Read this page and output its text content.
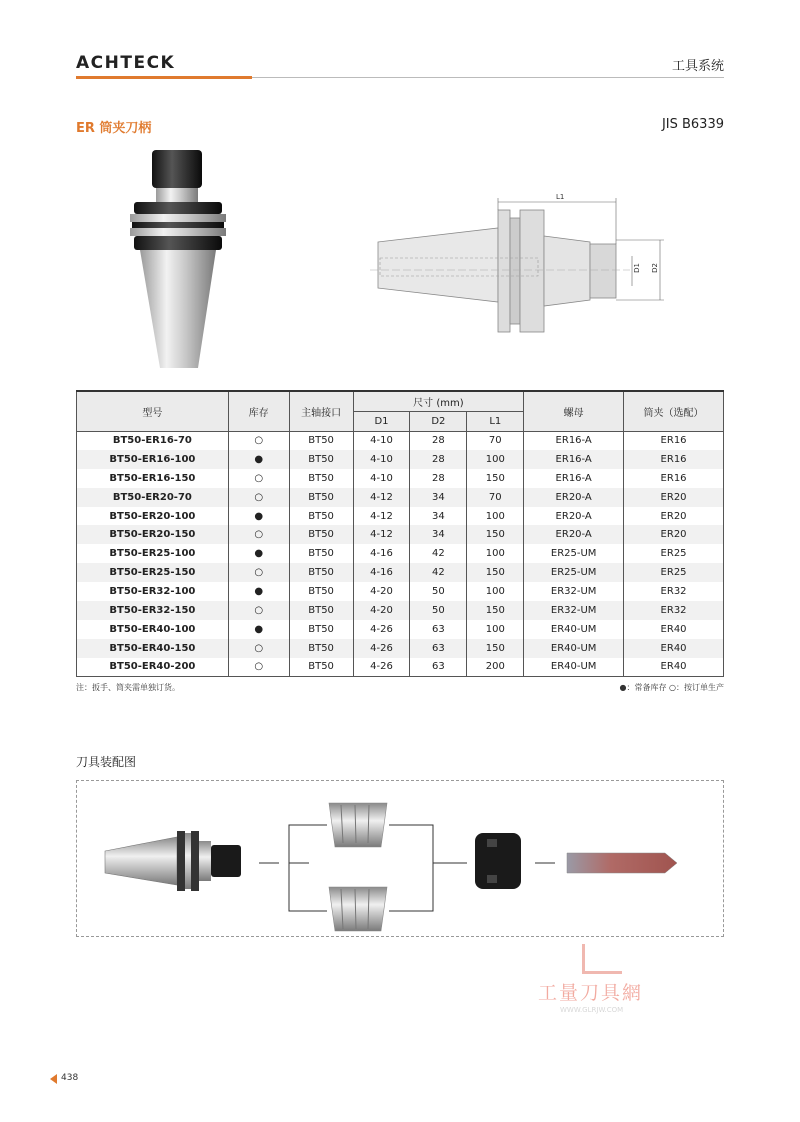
ACHTECK	工具系统
ER 筒夹刀柄	JIS B6339
L1
D1 D2
型号	库存	主轴接口	尺寸 (mm)			螺母	筒夹（选配）
			D1	D2	L1		
BT50-ER16-70	○	BT50	4-10	28	70	ER16-A	ER16
BT50-ER16-100	●	BT50	4-10	28	100	ER16-A	ER16
BT50-ER16-150	○	BT50	4-10	28	150	ER16-A	ER16
BT50-ER20-70	○	BT50	4-12	34	70	ER20-A	ER20
BT50-ER20-100	●	BT50	4-12	34	100	ER20-A	ER20
BT50-ER20-150	○	BT50	4-12	34	150	ER20-A	ER20
BT50-ER25-100	●	BT50	4-16	42	100	ER25-UM	ER25
BT50-ER25-150	○	BT50	4-16	42	150	ER25-UM	ER25
BT50-ER32-100	●	BT50	4-20	50	100	ER32-UM	ER32
BT50-ER32-150	○	BT50	4-20	50	150	ER32-UM	ER32
BT50-ER40-100	●	BT50	4-26	63	100	ER40-UM	ER40
BT50-ER40-150	○	BT50	4-26	63	150	ER40-UM	ER40
BT50-ER40-200	○	BT50	4-26	63	200	ER40-UM	ER40
注：扳手、筒夹需单独订货。	●：常备库存 ○：按订单生产
刀具装配图
工量刀具網
WWW.GLRJW.COM
438
